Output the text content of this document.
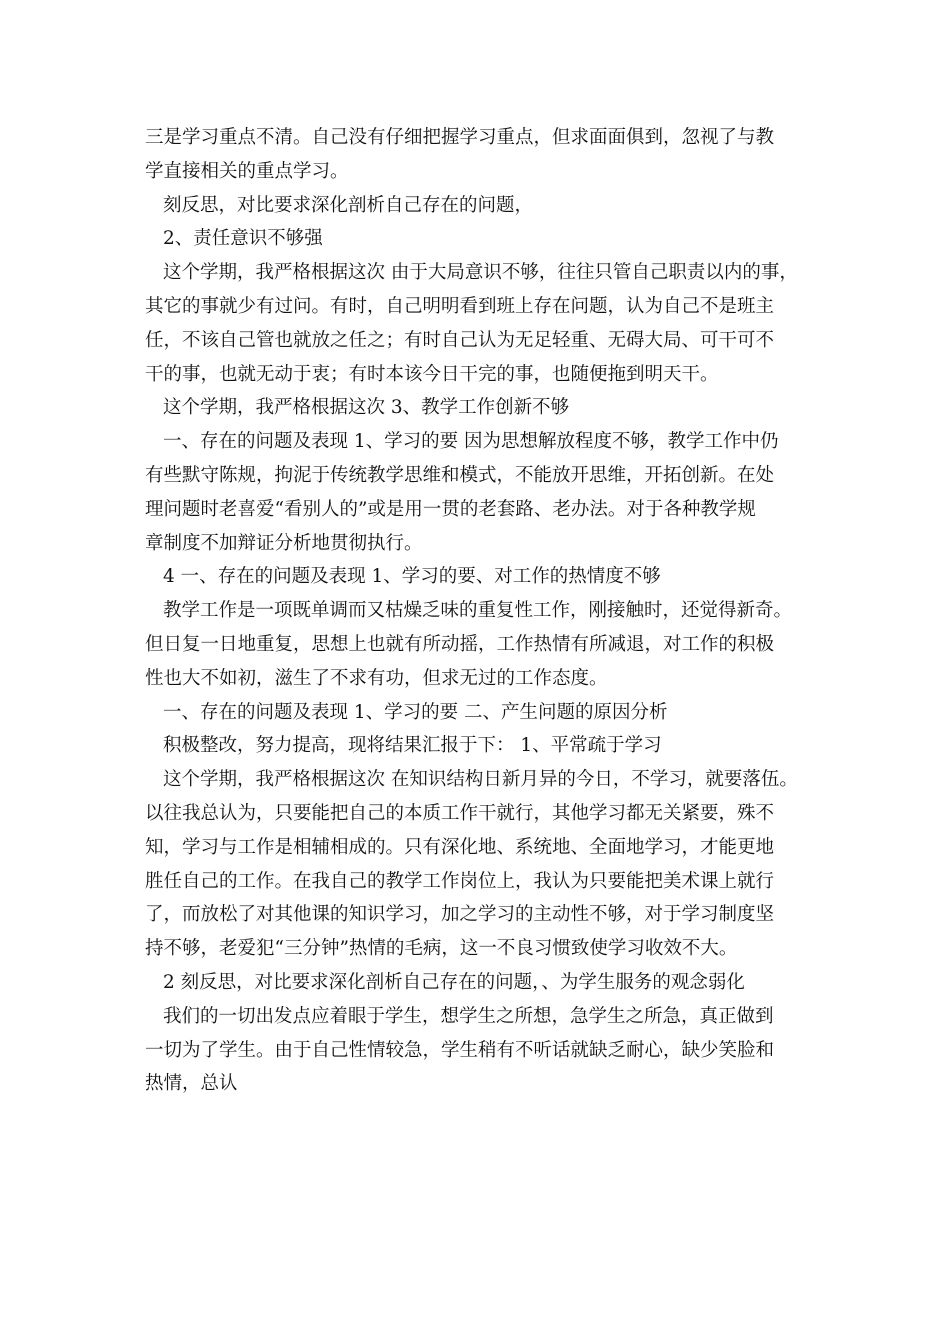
三是学习重点不清。自己没有仔细把握学习重点，但求面面俱到，忽视了与教
学直接相关的重点学习。
刻反思，对比要求深化剖析自己存在的问题，
2、责任意识不够强
这个学期，我严格根据这次 由于大局意识不够，往往只管自己职责以内的事，
其它的事就少有过问。有时，自己明明看到班上存在问题，认为自己不是班主
任，不该自己管也就放之任之；有时自己认为无足轻重、无碍大局、可干可不
干的事，也就无动于衷；有时本该今日干完的事，也随便拖到明天干。
这个学期，我严格根据这次 3、教学工作创新不够
一、存在的问题及表现 1、学习的要 因为思想解放程度不够，教学工作中仍
有些默守陈规，拘泥于传统教学思维和模式，不能放开思维，开拓创新。在处
理问题时老喜爱“看别人的”或是用一贯的老套路、老办法。对于各种教学规
章制度不加辩证分析地贯彻执行。
4 一、存在的问题及表现 1、学习的要、对工作的热情度不够
教学工作是一项既单调而又枯燥乏味的重复性工作，刚接触时，还觉得新奇。
但日复一日地重复，思想上也就有所动摇，工作热情有所减退，对工作的积极
性也大不如初，滋生了不求有功，但求无过的工作态度。
一、存在的问题及表现 1、学习的要 二、产生问题的原因分析
积极整改，努力提高，现将结果汇报于下： 1、平常疏于学习
这个学期，我严格根据这次 在知识结构日新月异的今日，不学习，就要落伍。
以往我总认为，只要能把自己的本质工作干就行，其他学习都无关紧要，殊不
知，学习与工作是相辅相成的。只有深化地、系统地、全面地学习，才能更地
胜任自己的工作。在我自己的教学工作岗位上，我认为只要能把美术课上就行
了，而放松了对其他课的知识学习，加之学习的主动性不够，对于学习制度坚
持不够，老爱犯“三分钟”热情的毛病，这一不良习惯致使学习收效不大。
2 刻反思，对比要求深化剖析自己存在的问题，、为学生服务的观念弱化
我们的一切出发点应着眼于学生，想学生之所想，急学生之所急，真正做到
一切为了学生。由于自己性情较急，学生稍有不听话就缺乏耐心，缺少笑脸和
热情，总认
